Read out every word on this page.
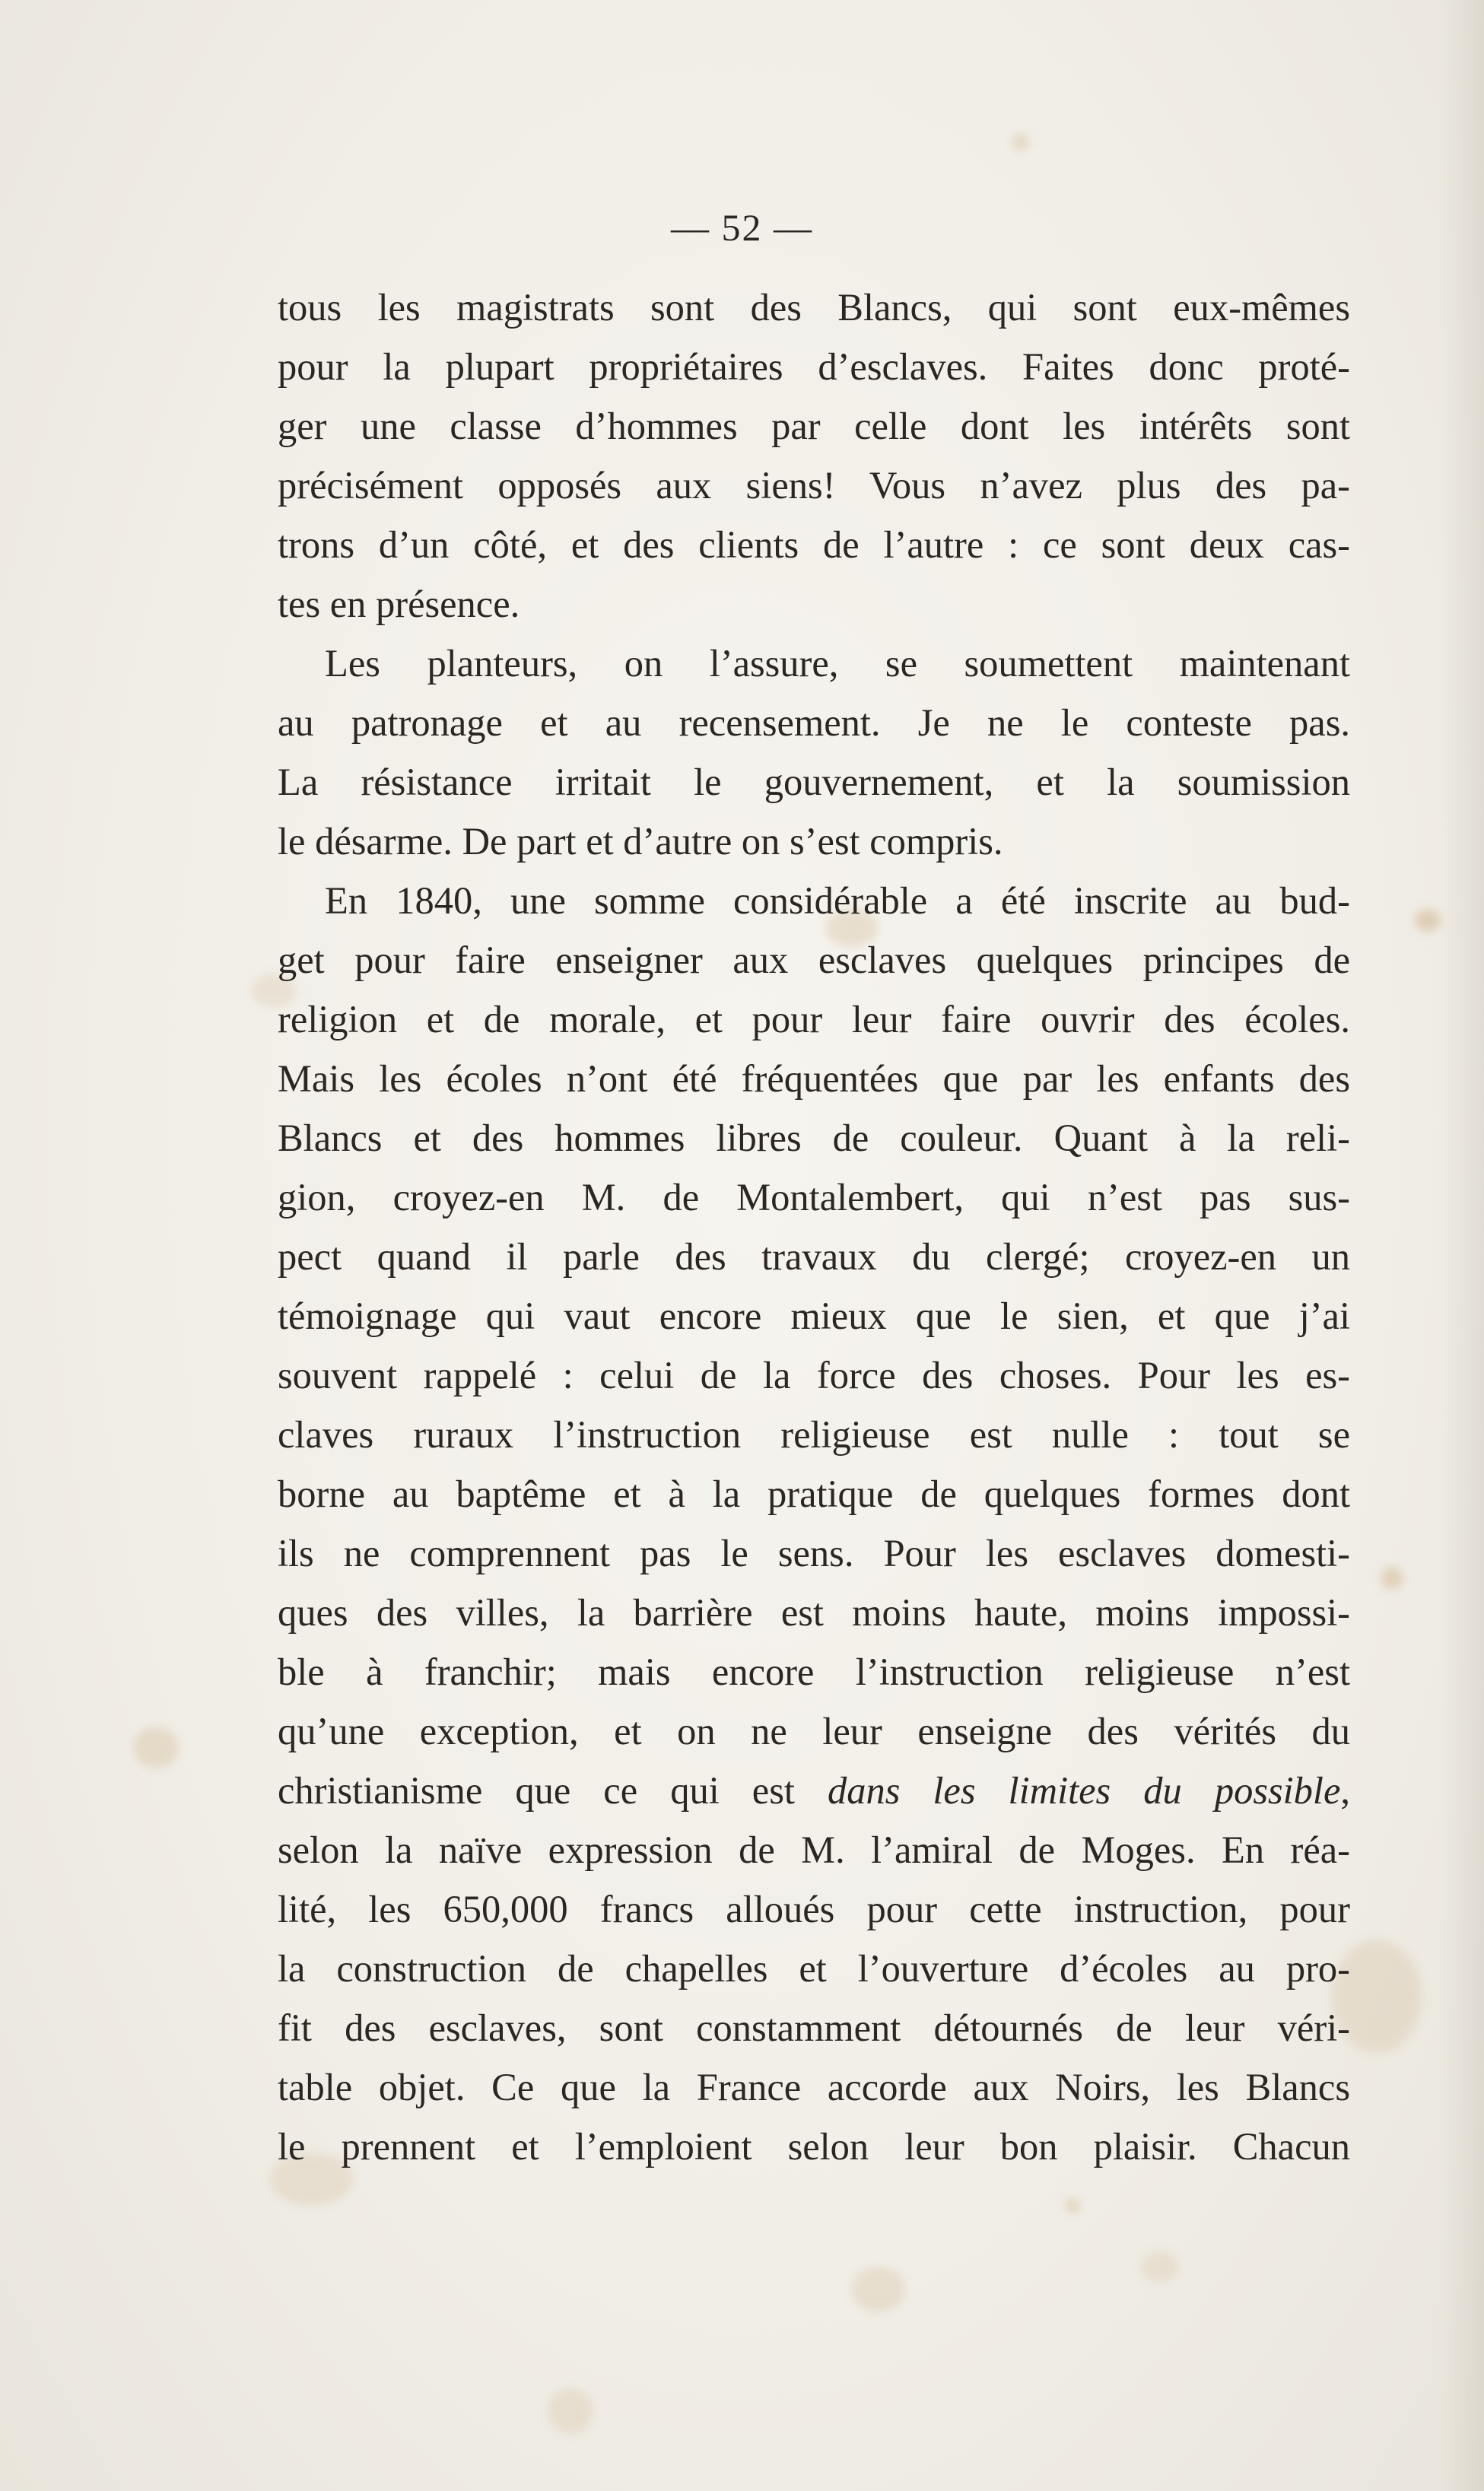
— 52 —
tous les magistrats sont des Blancs, qui sont eux-mêmes
pour la plupart propriétaires d’esclaves. Faites donc proté-
ger une classe d’hommes par celle dont les intérêts sont
précisément opposés aux siens! Vous n’avez plus des pa-
trons d’un côté, et des clients de l’autre : ce sont deux cas-
tes en présence.
Les planteurs, on l’assure, se soumettent maintenant
au patronage et au recensement. Je ne le conteste pas.
La résistance irritait le gouvernement, et la soumission
le désarme. De part et d’autre on s’est compris.
En 1840, une somme considérable a été inscrite au bud-
get pour faire enseigner aux esclaves quelques principes de
religion et de morale, et pour leur faire ouvrir des écoles.
Mais les écoles n’ont été fréquentées que par les enfants des
Blancs et des hommes libres de couleur. Quant à la reli-
gion, croyez-en M. de Montalembert, qui n’est pas sus-
pect quand il parle des travaux du clergé; croyez-en un
témoignage qui vaut encore mieux que le sien, et que j’ai
souvent rappelé : celui de la force des choses. Pour les es-
claves ruraux l’instruction religieuse est nulle : tout se
borne au baptême et à la pratique de quelques formes dont
ils ne comprennent pas le sens. Pour les esclaves domesti-
ques des villes, la barrière est moins haute, moins impossi-
ble à franchir; mais encore l’instruction religieuse n’est
qu’une exception, et on ne leur enseigne des vérités du
christianisme que ce qui est dans les limites du possible,
selon la naïve expression de M. l’amiral de Moges. En réa-
lité, les 650,000 francs alloués pour cette instruction, pour
la construction de chapelles et l’ouverture d’écoles au pro-
fit des esclaves, sont constamment détournés de leur véri-
table objet. Ce que la France accorde aux Noirs, les Blancs
le prennent et l’emploient selon leur bon plaisir. Chacun
